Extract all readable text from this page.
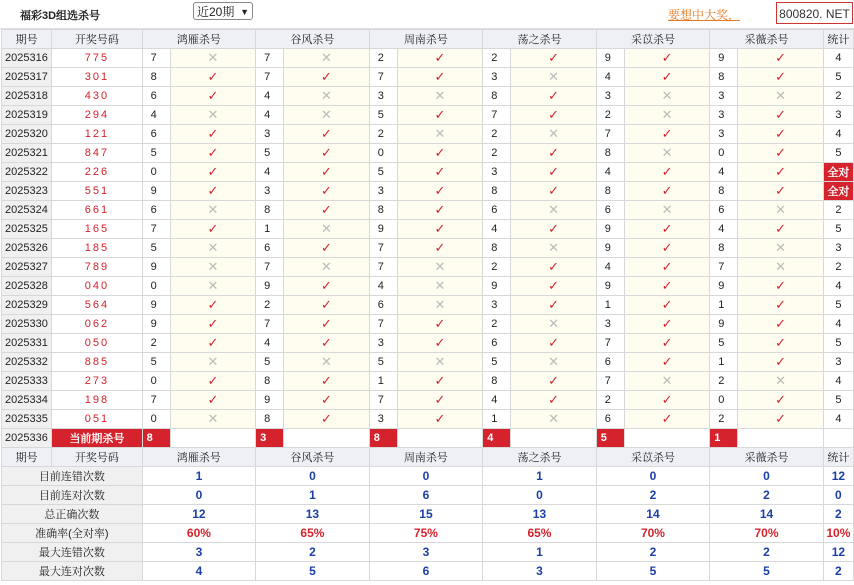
福彩3D组选杀号	近20期 ▼	要想中大奖，	800820. NET
期号	开奖号码	鸿雁杀号		谷风杀号		周南杀号		荡之杀号		采苡杀号		采薇杀号		统计
2025316	775	7	✕	7	✕	2	✓	2	✓	9	✓	9	✓	4
2025317	301	8	✓	7	✓	7	✓	3	✕	4	✓	8	✓	5
2025318	430	6	✓	4	✕	3	✕	8	✓	3	✕	3	✕	2
2025319	294	4	✕	4	✕	5	✓	7	✓	2	✕	3	✓	3
2025320	121	6	✓	3	✓	2	✕	2	✕	7	✓	3	✓	4
2025321	847	5	✓	5	✓	0	✓	2	✓	8	✕	0	✓	5
2025322	226	0	✓	4	✓	5	✓	3	✓	4	✓	4	✓	全对
2025323	551	9	✓	3	✓	3	✓	8	✓	8	✓	8	✓	全对
2025324	661	6	✕	8	✓	8	✓	6	✕	6	✕	6	✕	2
2025325	165	7	✓	1	✕	9	✓	4	✓	9	✓	4	✓	5
2025326	185	5	✕	6	✓	7	✓	8	✕	9	✓	8	✕	3
2025327	789	9	✕	7	✕	7	✕	2	✓	4	✓	7	✕	2
2025328	040	0	✕	9	✓	4	✕	9	✓	9	✓	9	✓	4
2025329	564	9	✓	2	✓	6	✕	3	✓	1	✓	1	✓	5
2025330	062	9	✓	7	✓	7	✓	2	✕	3	✓	9	✓	4
2025331	050	2	✓	4	✓	3	✓	6	✓	7	✓	5	✓	5
2025332	885	5	✕	5	✕	5	✕	5	✕	6	✓	1	✓	3
2025333	273	0	✓	8	✓	1	✓	8	✓	7	✕	2	✕	4
2025334	198	7	✓	9	✓	7	✓	4	✓	2	✓	0	✓	5
2025335	051	0	✕	8	✓	3	✓	1	✕	6	✓	2	✓	4
2025336	当前期杀号	8		3		8		4		5		1		
期号	开奖号码	鸿雁杀号		谷风杀号		周南杀号		荡之杀号		采苡杀号		采薇杀号		统计
目前连错次数		1		0		0		1		0		0		12
目前连对次数		0		1		6		0		2		2		0
总正确次数		12		13		15		13		14		14		2
准确率(全对率)		60%		65%		75%		65%		70%		70%		10%
最大连错次数		3		2		3		1		2		2		12
最大连对次数		4		5		6		3		5		5		2
